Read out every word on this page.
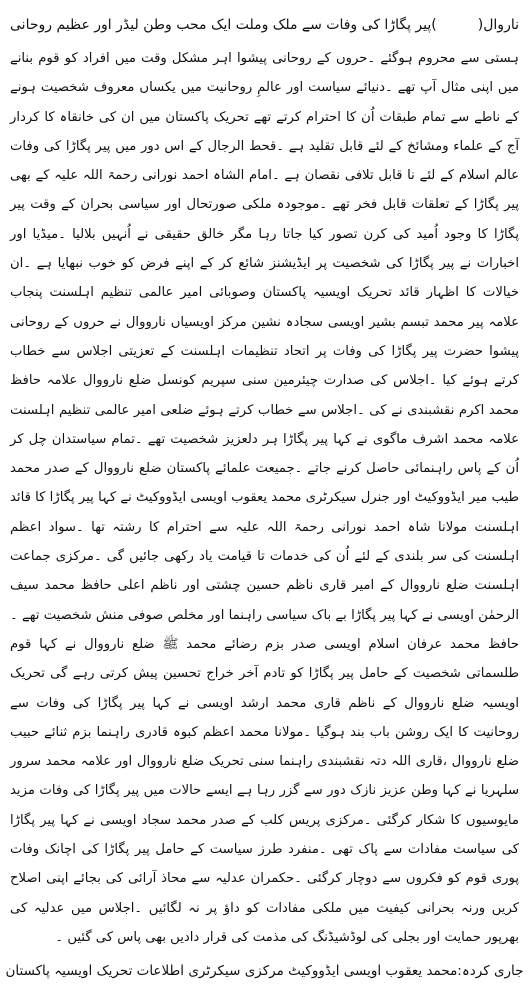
ناروال(
)پیر پگاڑا کی وفات سے ملک وملت ایک محب وطن لیڈر اور عظیم روحانی

ہستی سے محروم ہوگئے ۔حروں کے روحانی پیشوا اہر مشکل وقت میں افراد کو قوم بنانے میں اپنی مثال آپ تھے ۔دنیائے سیاست اور عالمِ روحانیت میں یکساں معروف شخصیت ہونے کے ناطے سے تمام طبقات اُن کا احترام کرتے تھے تحریک پاکستان میں ان کی خانقاہ کا کردار آج کے علماء ومشائخ کے لئے قابل تقلید ہے ۔قحط الرجال کے اس دور میں پیر پگاڑا کی وفات عالم اسلام کے لئے نا قابل تلافی نقصان ہے ۔امام الشاہ احمد نورانی رحمۃ اللہ علیہ کے بھی پیر پگاڑا کے تعلقات قابل فخر تھے ۔موجودہ ملکی صورتحال اور سیاسی بحران کے وقت پیر پگاڑا کا وجود اُمید کی کرن تصور کیا جاتا رہا مگر خالق حقیقی نے اُنہیں بلالیا ۔میڈیا اور اخبارات نے پیر پگاڑا کی شخصیت پر ایڈیشنز شائع کر کے اپنے فرض کو خوب نبھایا ہے ۔ان خیالات کا اظہار قائد تحریک اویسیہ پاکستان وصوبائی امیر عالمی تنظیم اہلسنت پنجاب علامہ پیر محمد تبسم بشیر اویسی سجادہ نشین مرکز اویسیاں نارووال نے حروں کے روحانی پیشوا حضرت پیر پگاڑا کی وفات پر اتحاد تنظیمات اہلسنت کے تعزیتی اجلاس سے خطاب کرتے ہوئے کیا ۔اجلاس کی صدارت چیئرمین سنی سپریم کونسل ضلع نارووال علامہ حافظ محمد اکرم نقشبندی نے کی ۔اجلاس سے خطاب کرتے ہوئے ضلعی امیر عالمی تنظیم اہلسنت علامہ محمد اشرف ماگوی نے کہا پیر پگاڑا ہر دلعزیز شخصیت تھے ۔تمام سیاستدان چل کر اُن کے پاس راہنمائی حاصل کرنے جاتے ۔جمیعت علمائے پاکستان ضلع نارووال کے صدر محمد طیب میر ایڈووکیٹ اور جنرل سیکرٹری محمد یعقوب اویسی ایڈووکیٹ نے کہا پیر پگاڑا کا قائد اہلسنت مولانا شاہ احمد نورانی رحمۃ اللہ علیہ سے احترام کا رشتہ تھا ۔سواد اعظم اہلسنت کی سر بلندی کے لئے اُن کی خدمات تا قیامت یاد رکھی جائیں گی ۔مرکزی جماعت اہلسنت ضلع نارووال کے امیر قاری ناظم حسین چشتی اور ناظم اعلی حافظ محمد سیف الرحمٰن اویسی نے کہا پیر پگاڑا بے باک سیاسی راہنما اور مخلص صوفی منش شخصیت تھے ۔حافظ محمد عرفان اسلام اویسی صدر بزم رضائے محمد ﷺ ضلع نارووال نے کہا قوم طلسماتی شخصیت کے حامل پیر پگاڑا کو تادم آخر خراج تحسین پیش کرتی رہے گی تحریک اویسیہ ضلع نارووال کے ناظم قاری محمد ارشد اویسی نے کہا پیر پگاڑا کی وفات سے روحانیت کا ایک روشن باب بند ہوگیا ۔مولانا محمد اعظم کبوہ قادری راہنما بزم ثنائے حبیب ضلع نارووال ،قاری اللہ دتہ نقشبندی راہنما سنی تحریک ضلع نارووال اور علامہ محمد سرور سلہریا نے کہا وطن عزیز نازک دور سے گزر رہا ہے ایسے حالات میں پیر پگاڑا کی وفات مزید مایوسیوں کا شکار کرگئی ۔مرکزی پریس کلب کے صدر محمد سجاد اویسی نے کہا پیر پگاڑا کی سیاست مفادات سے پاک تھی ۔منفرد طرز سیاست کے حامل پیر پگاڑا کی اچانک وفات پوری قوم کو فکروں سے دوچار کرگئی ۔حکمران عدلیہ سے محاذ آرائی کی بجائے اپنی اصلاح کریں ورنہ بحرانی کیفیت میں ملکی مفادات کو داؤ پر نہ لگائیں ۔اجلاس میں عدلیہ کی بھرپور حمایت اور بجلی کی لوڈشیڈنگ کی مذمت کی قرار دادیں بھی پاس کی گئیں ۔

جاری کردہ:محمد یعقوب اویسی ایڈووکیٹ مرکزی سیکرٹری اطلاعات تحریک اویسیہ پاکستان
